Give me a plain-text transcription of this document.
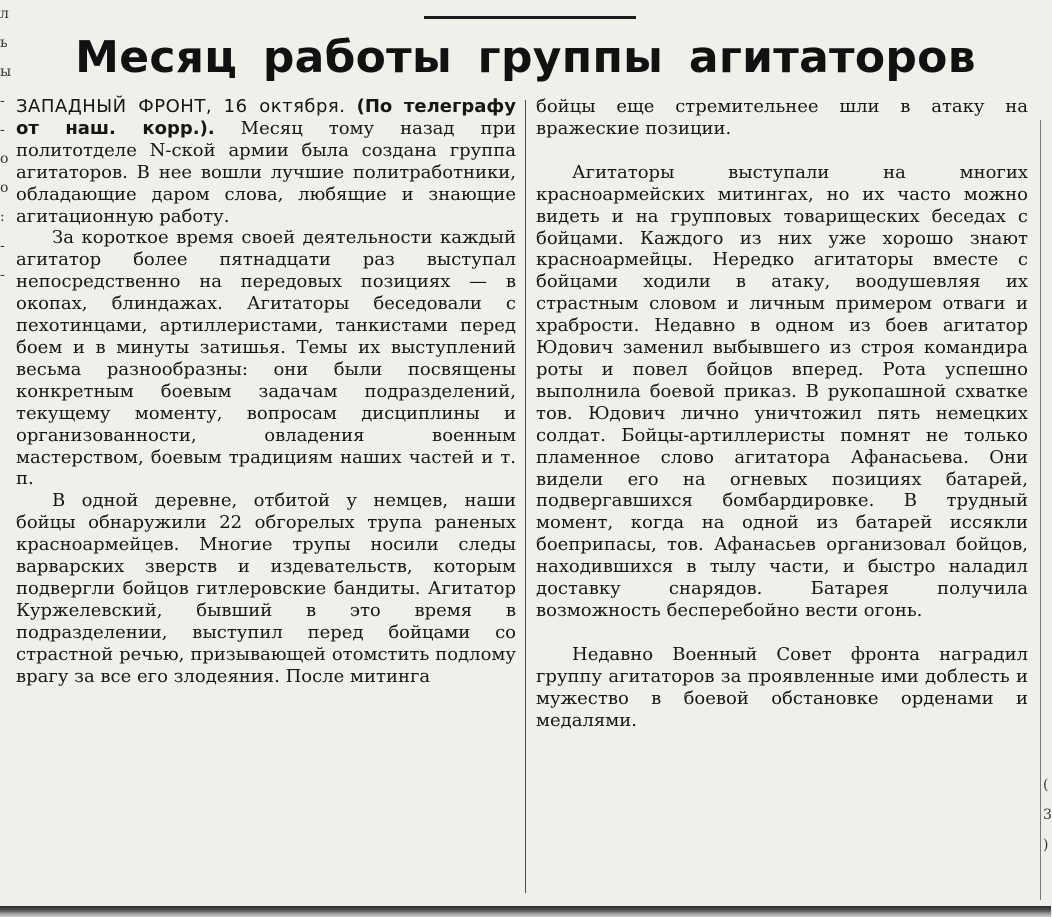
Месяц работы группы агитаторов

ЗАПАДНЫЙ ФРОНТ, 16 октября. (По телеграфу от наш. корр.). Месяц тому назад при политотделе N-ской армии была создана группа агитаторов. В нее вошли лучшие политработники, обладающие даром слова, любящие и знающие агитационную работу.

За короткое время своей деятельности каждый агитатор более пятнадцати раз выступал непосредственно на передовых позициях — в окопах, блиндажах. Агитаторы беседовали с пехотинцами, артиллеристами, танкистами перед боем и в минуты затишья. Темы их выступлений весьма разнообразны: они были посвящены конкретным боевым задачам подразделений, текущему моменту, вопросам дисциплины и организованности, овладения военным мастерством, боевым традициям наших частей и т. п.

В одной деревне, отбитой у немцев, наши бойцы обнаружили 22 обгорелых трупа раненых красноармейцев. Многие трупы носили следы варварских зверств и издевательств, которым подвергли бойцов гитлеровские бандиты. Агитатор Куржелевский, бывший в это время в подразделении, выступил перед бойцами со страстной речью, призывающей отомстить подлому врагу за все его злодеяния. После митинга

бойцы еще стремительнее шли в атаку на вражеские позиции.

Агитаторы выступали на многих красноармейских митингах, но их часто можно видеть и на групповых товарищеских беседах с бойцами. Каждого из них уже хорошо знают красноармейцы. Нередко агитаторы вместе с бойцами ходили в атаку, воодушевляя их страстным словом и личным примером отваги и храбрости. Недавно в одном из боев агитатор Юдович заменил выбывшего из строя командира роты и повел бойцов вперед. Рота успешно выполнила боевой приказ. В рукопашной схватке тов. Юдович лично уничтожил пять немецких солдат. Бойцы-артиллеристы помнят не только пламенное слово агитатора Афанасьева. Они видели его на огневых позициях батарей, подвергавшихся бомбардировке. В трудный момент, когда на одной из батарей иссякли боеприпасы, тов. Афанасьев организовал бойцов, находившихся в тылу части, и быстро наладил доставку снарядов. Батарея получила возможность бесперебойно вести огонь.

Недавно Военный Совет фронта наградил группу агитаторов за проявленные ими доблесть и мужество в боевой обстановке орденами и медалями.

л ь ы - - о о : - -
( 3 )
